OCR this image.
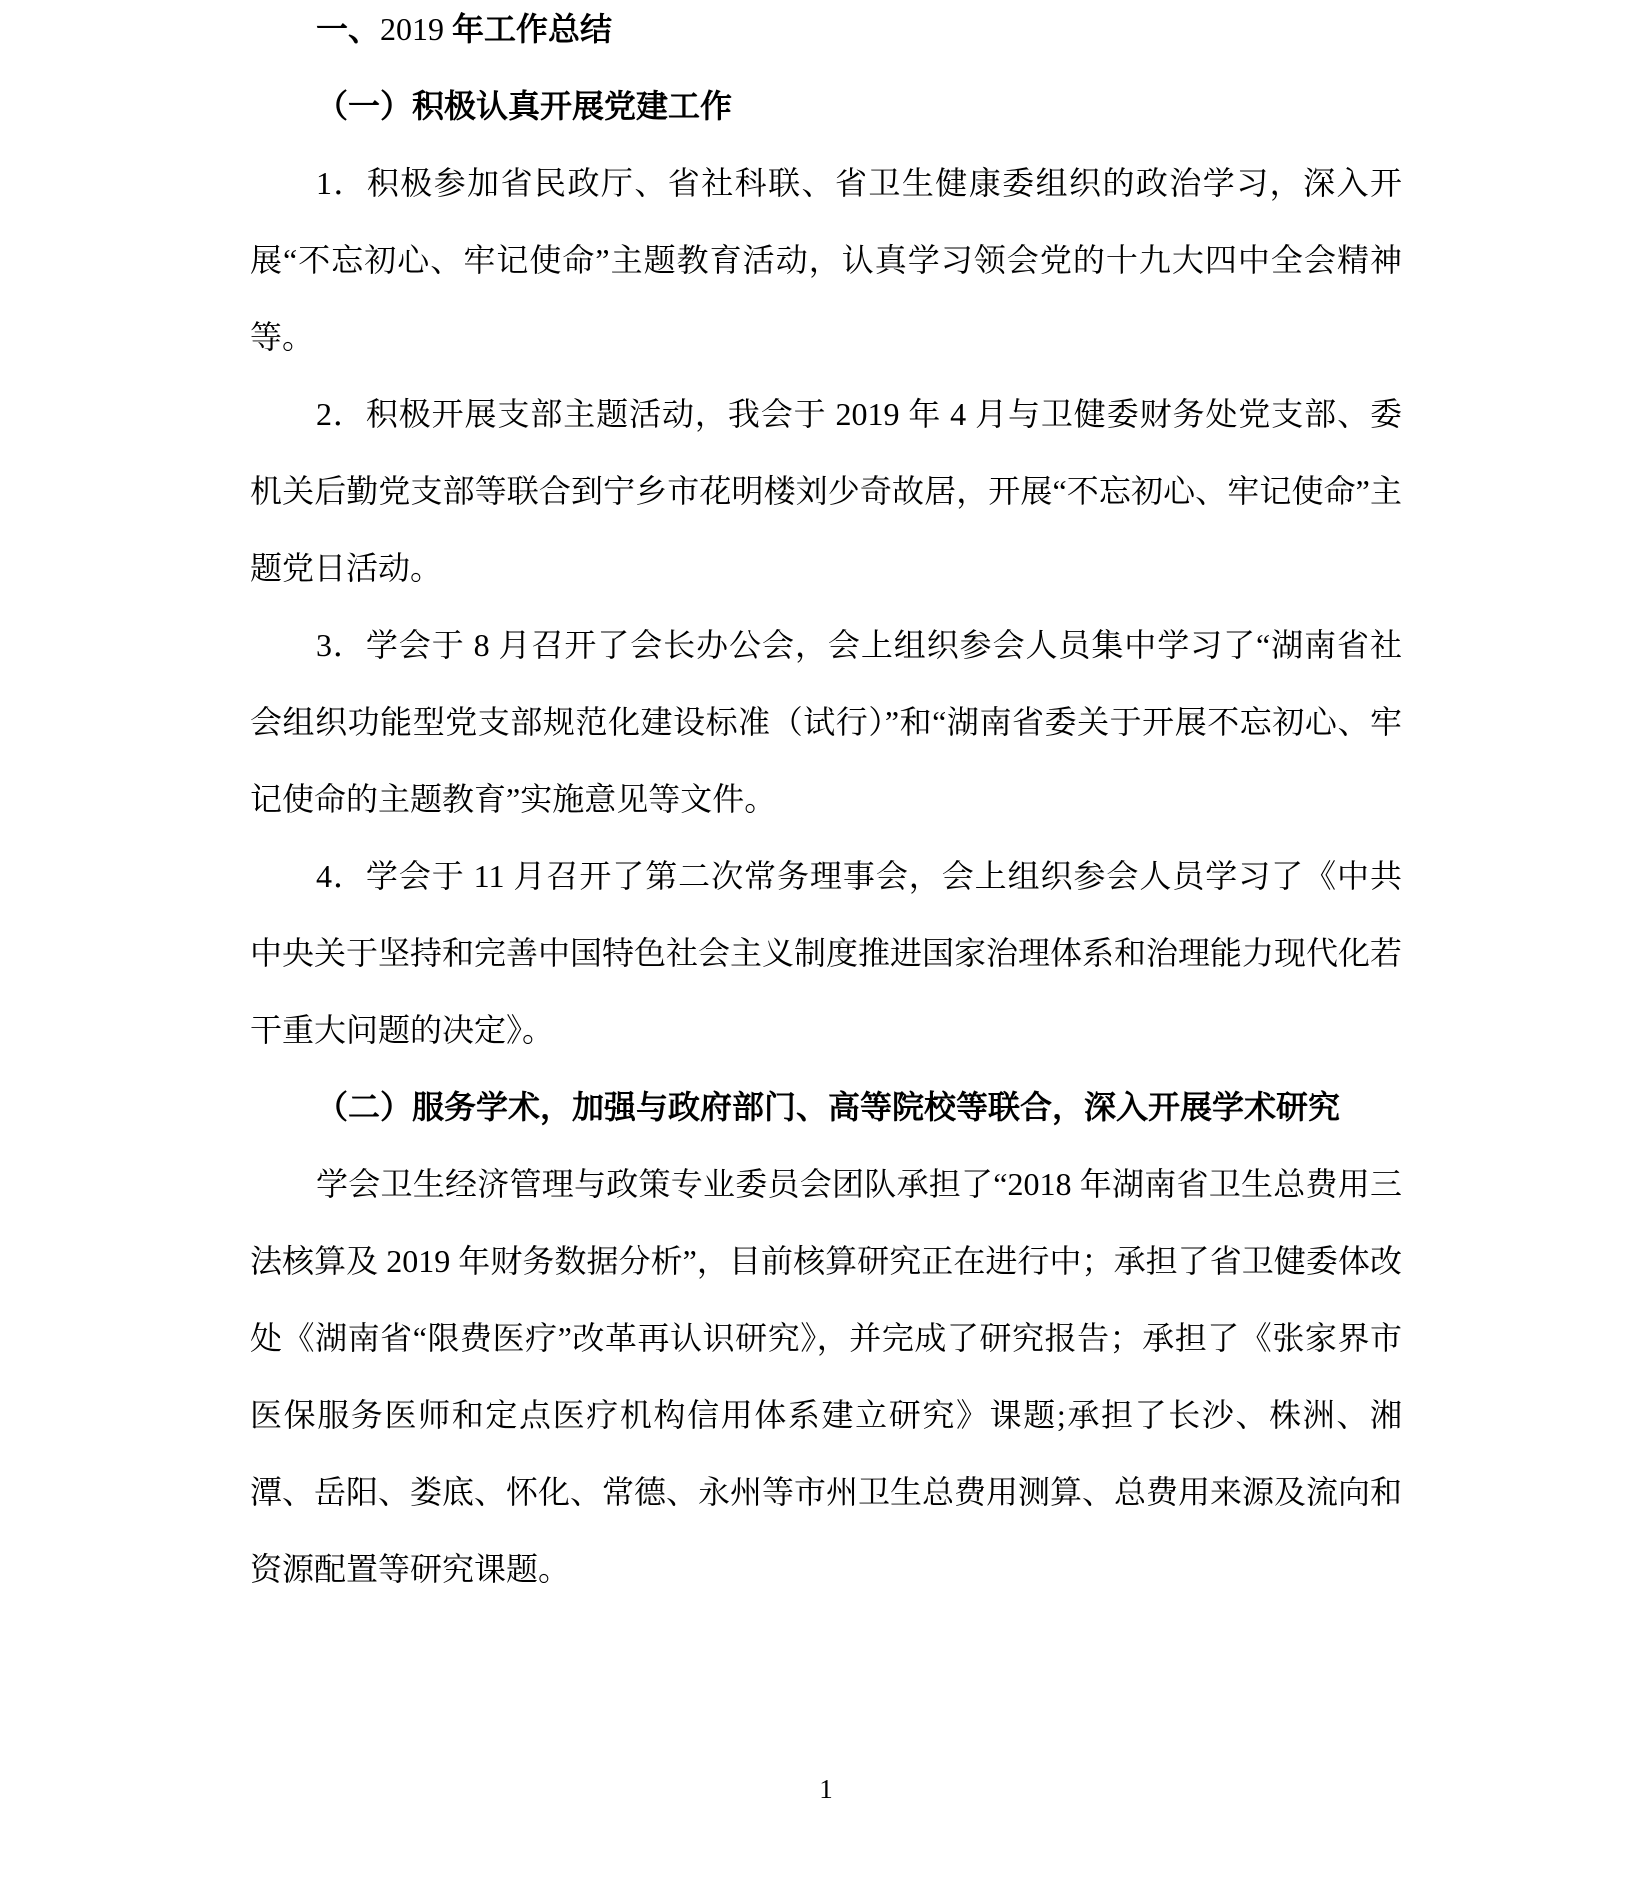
一、2019 年工作总结
（一）积极认真开展党建工作

1．积极参加省民政厅、省社科联、省卫生健康委组织的政治学习，深入开展“不忘初心、牢记使命”主题教育活动，认真学习领会党的十九大四中全会精神等。

2．积极开展支部主题活动，我会于 2019 年 4 月与卫健委财务处党支部、委机关后勤党支部等联合到宁乡市花明楼刘少奇故居，开展“不忘初心、牢记使命”主题党日活动。

3．学会于 8 月召开了会长办公会，会上组织参会人员集中学习了“湖南省社会组织功能型党支部规范化建设标准（试行）”和“湖南省委关于开展不忘初心、牢记使命的主题教育”实施意见等文件。

4．学会于 11 月召开了第二次常务理事会，会上组织参会人员学习了《中共中央关于坚持和完善中国特色社会主义制度推进国家治理体系和治理能力现代化若干重大问题的决定》。

（二）服务学术，加强与政府部门、高等院校等联合，深入开展学术研究

学会卫生经济管理与政策专业委员会团队承担了“2018 年湖南省卫生总费用三法核算及 2019 年财务数据分析”，目前核算研究正在进行中；承担了省卫健委体改处《湖南省“限费医疗”改革再认识研究》，并完成了研究报告；承担了《张家界市医保服务医师和定点医疗机构信用体系建立研究》课题;承担了长沙、株洲、湘潭、岳阳、娄底、怀化、常德、永州等市州卫生总费用测算、总费用来源及流向和资源配置等研究课题。

1
